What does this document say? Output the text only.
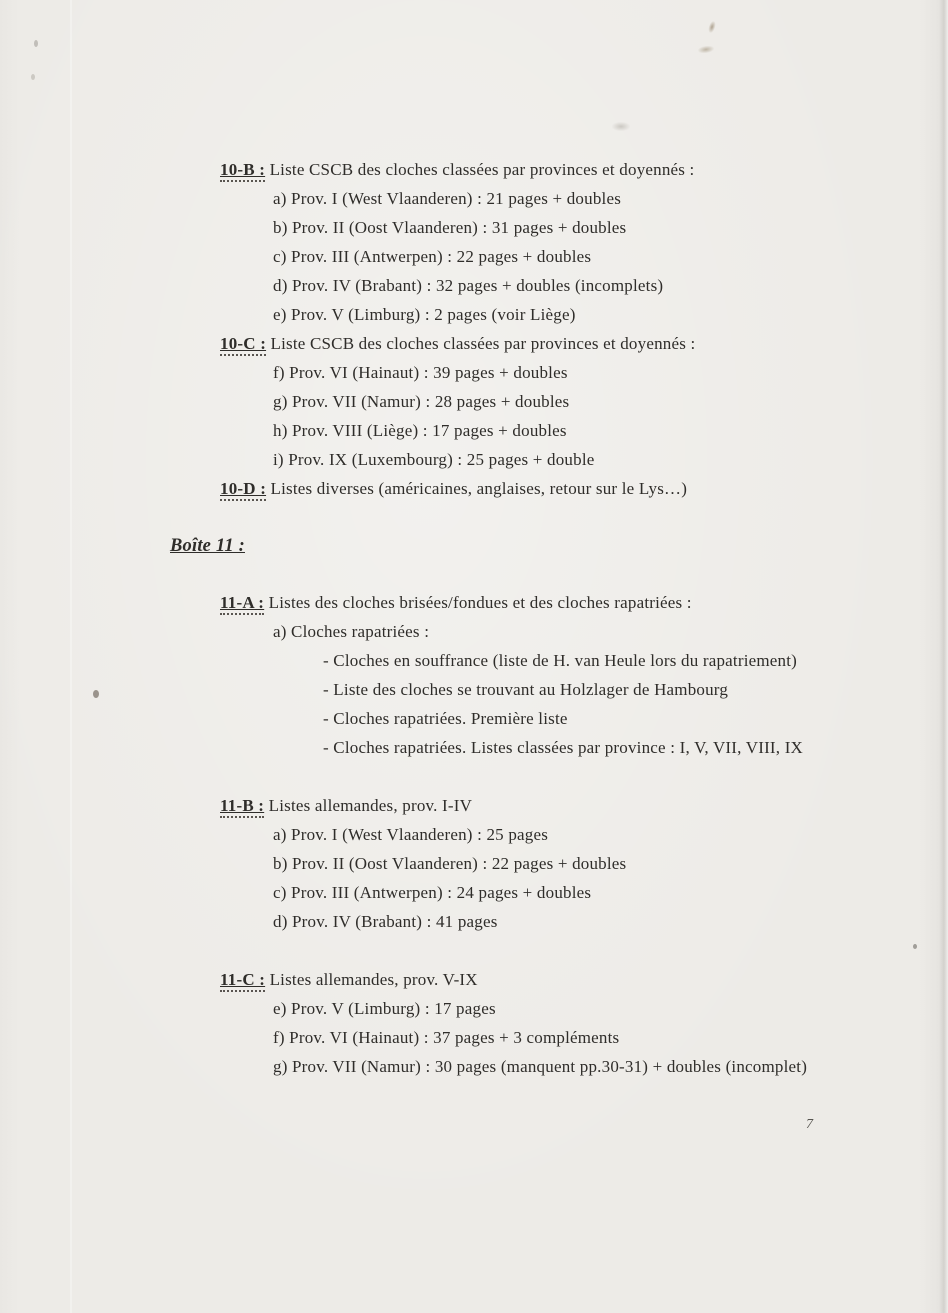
10-B : Liste CSCB des cloches classées par provinces et doyennés :
a) Prov. I (West Vlaanderen) : 21 pages + doubles
b) Prov. II (Oost Vlaanderen) : 31 pages + doubles
c) Prov. III (Antwerpen) : 22 pages + doubles
d) Prov. IV (Brabant) : 32 pages + doubles (incomplets)
e) Prov. V (Limburg) : 2 pages (voir Liège)
10-C : Liste CSCB des cloches classées par provinces et doyennés :
f) Prov. VI (Hainaut) : 39 pages + doubles
g) Prov. VII (Namur) : 28 pages + doubles
h) Prov. VIII (Liège) : 17 pages + doubles
i) Prov. IX (Luxembourg) : 25 pages + double
10-D : Listes diverses (américaines, anglaises, retour sur le Lys…)
Boîte 11 :
11-A : Listes des cloches brisées/fondues et des cloches rapatriées :
a) Cloches rapatriées :
- Cloches en souffrance (liste de H. van Heule lors du rapatriement)
- Liste des cloches se trouvant au Holzlager de Hambourg
- Cloches rapatriées. Première liste
- Cloches rapatriées. Listes classées par province : I, V, VII, VIII, IX
11-B : Listes allemandes, prov. I-IV
a) Prov. I (West Vlaanderen) : 25 pages
b) Prov. II (Oost Vlaanderen) : 22 pages + doubles
c) Prov. III (Antwerpen) : 24 pages + doubles
d) Prov. IV (Brabant) : 41 pages
11-C : Listes allemandes, prov. V-IX
e) Prov. V (Limburg) : 17 pages
f) Prov. VI (Hainaut) : 37 pages + 3 compléments
g) Prov. VII (Namur) : 30 pages (manquent pp.30-31) + doubles (incomplet)
7
